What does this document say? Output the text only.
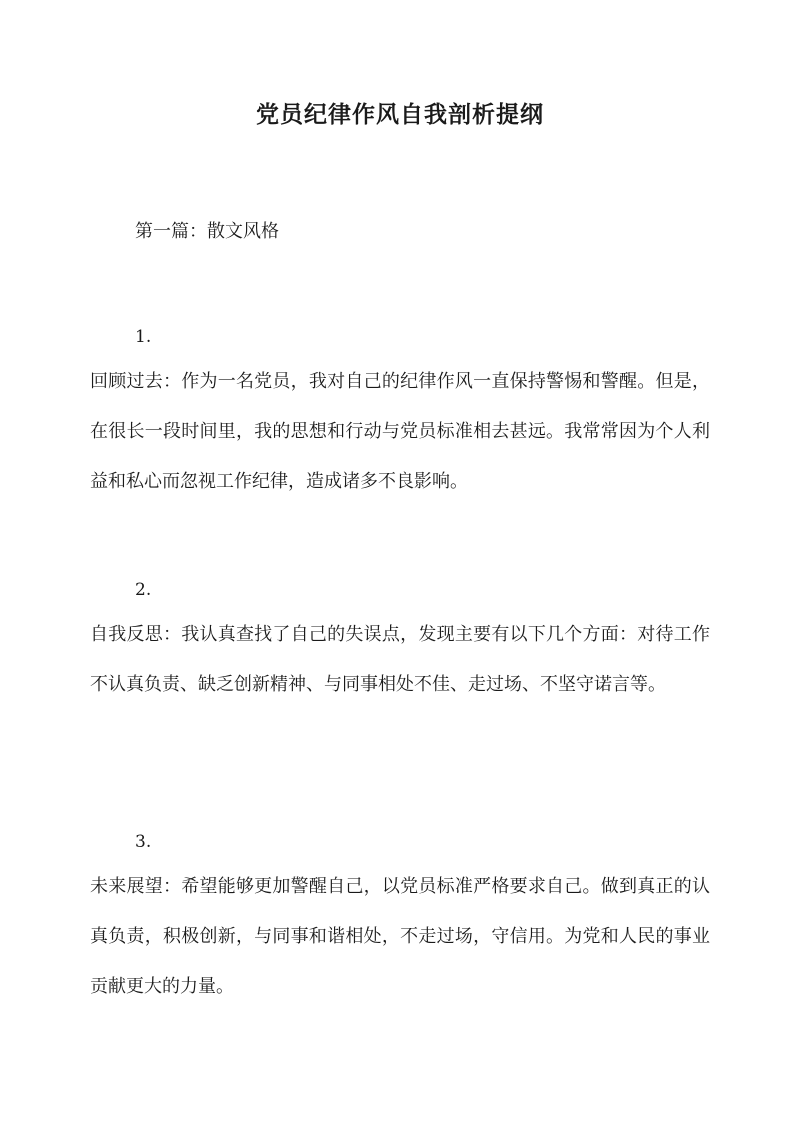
党员纪律作风自我剖析提纲

第一篇：散文风格

1.

回顾过去：作为一名党员，我对自己的纪律作风一直保持警惕和警醒。但是，在很长一段时间里，我的思想和行动与党员标准相去甚远。我常常因为个人利益和私心而忽视工作纪律，造成诸多不良影响。

2.

自我反思：我认真查找了自己的失误点，发现主要有以下几个方面：对待工作不认真负责、缺乏创新精神、与同事相处不佳、走过场、不坚守诺言等。

3.

未来展望：希望能够更加警醒自己，以党员标准严格要求自己。做到真正的认真负责，积极创新，与同事和谐相处，不走过场，守信用。为党和人民的事业贡献更大的力量。
